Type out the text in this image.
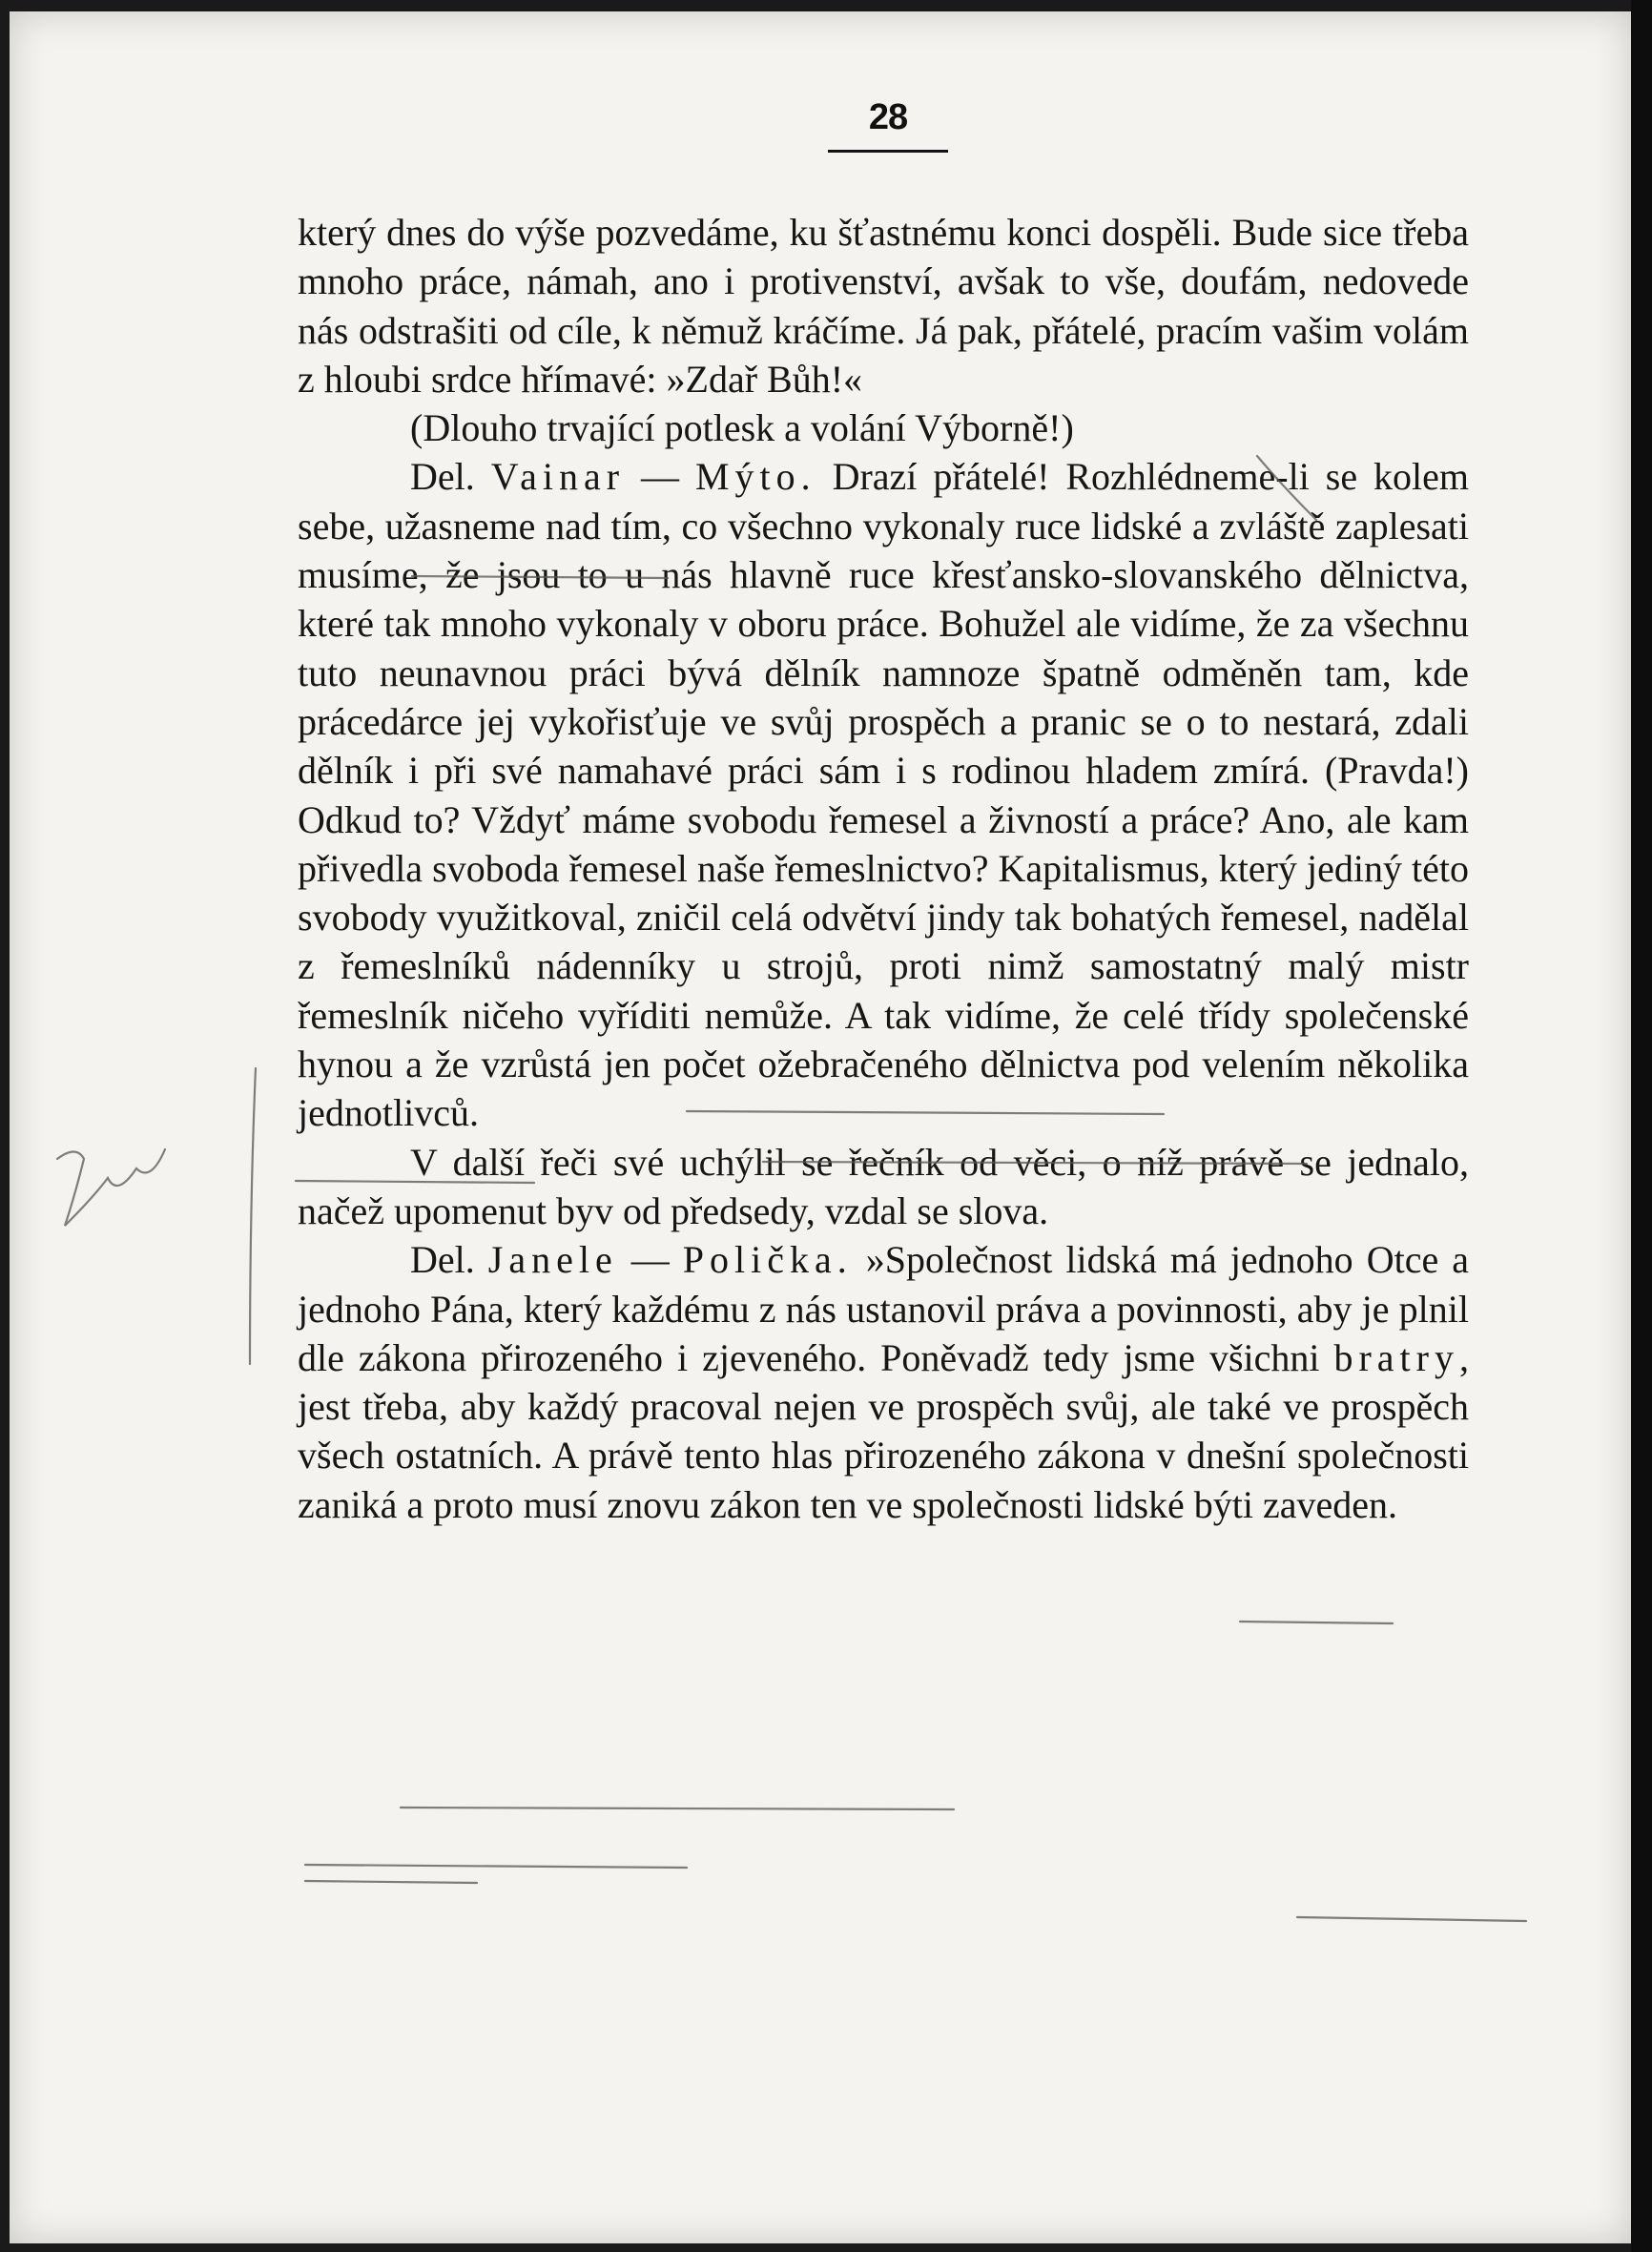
28

který dnes do výše pozvedáme, ku šťastnému konci dospěli. Bude sice třeba mnoho práce, námah, ano i protivenství, avšak to vše, doufám, nedovede nás odstrašiti od cíle, k němuž kráčíme. Já pak, přátelé, pracím vašim volám z hloubi srdce hřímavé: »Zdař Bůh!«

(Dlouho trvající potlesk a volání Výborně!)

Del. Vainar — Mýto. Drazí přátelé! Rozhlédneme-li se kolem sebe, užasneme nad tím, co všechno vykonaly ruce lidské a zvláště zaplesati musíme, že jsou to u nás hlavně ruce křesťansko-slovanského dělnictva, které tak mnoho vykonaly v oboru práce. Bohužel ale vidíme, že za všechnu tuto neunavnou práci bývá dělník namnoze špatně odměněn tam, kde prácedárce jej vykořisťuje ve svůj prospěch a pranic se o to nestará, zdali dělník i při své namahavé práci sám i s rodinou hladem zmírá. (Pravda!) Odkud to? Vždyť máme svobodu řemesel a živností a práce? Ano, ale kam přivedla svoboda řemesel naše řemeslnictvo? Kapitalismus, který jediný této svobody využitkoval, zničil celá odvětví jindy tak bohatých řemesel, nadělal z řemeslníků nádenníky u strojů, proti nimž samostatný malý mistr řemeslník ničeho vyříditi nemůže. A tak vidíme, že celé třídy společenské hynou a že vzrůstá jen počet ožebračeného dělnictva pod velením několika jednotlivců.

V další řeči své uchýlil se řečník od věci, o níž právě se jednalo, načež upomenut byv od předsedy, vzdal se slova.

Del. Janele — Polička. »Společnost lidská má jednoho Otce a jednoho Pána, který každému z nás ustanovil práva a povinnosti, aby je plnil dle zákona přirozeného i zjeveného. Poněvadž tedy jsme všichni bratry, jest třeba, aby každý pracoval nejen ve prospěch svůj, ale také ve prospěch všech ostatních. A právě tento hlas přirozeného zákona v dnešní společnosti zaniká a proto musí znovu zákon ten ve společnosti lidské býti zaveden.
